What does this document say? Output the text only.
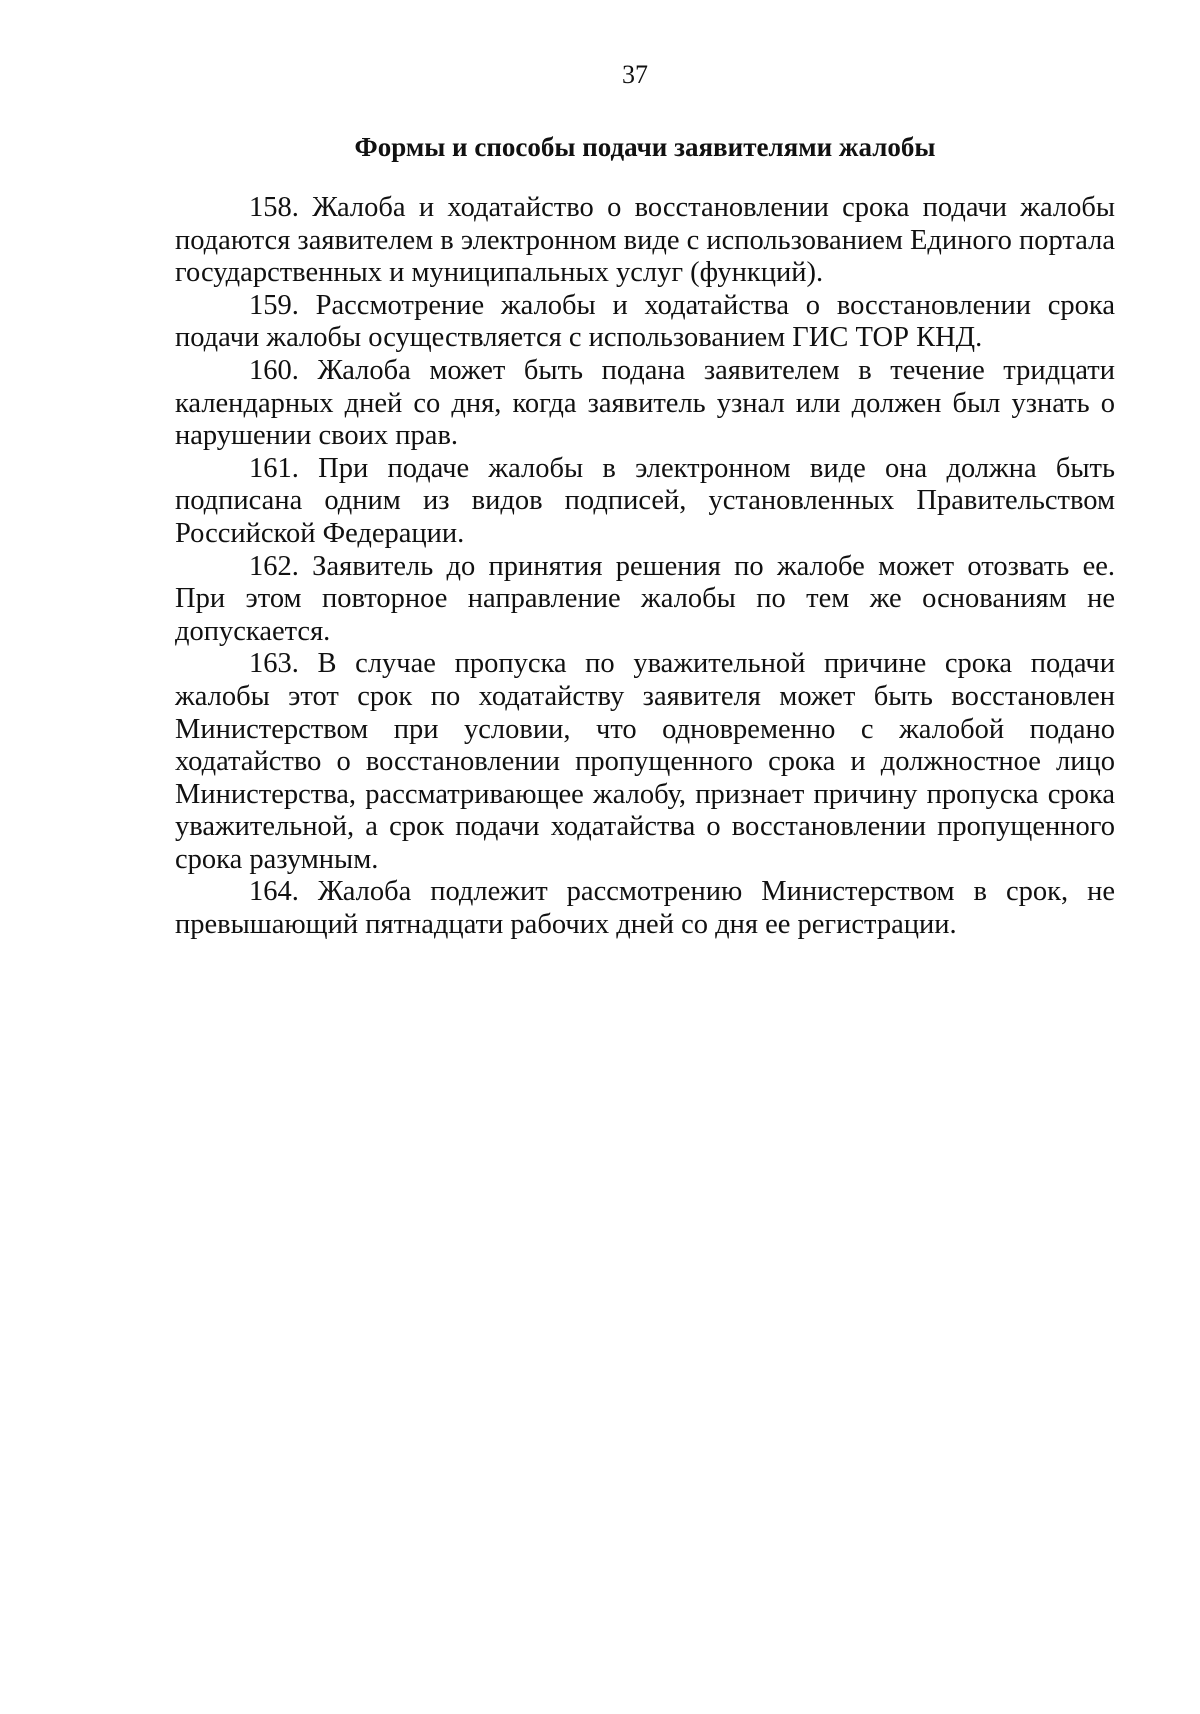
37
Формы и способы подачи заявителями жалобы

158. Жалоба и ходатайство о восстановлении срока подачи жалобы подаются заявителем в электронном виде с использованием Единого портала государственных и муниципальных услуг (функций).

159. Рассмотрение жалобы и ходатайства о восстановлении срока подачи жалобы осуществляется с использованием ГИС ТОР КНД.

160. Жалоба может быть подана заявителем в течение тридцати календарных дней со дня, когда заявитель узнал или должен был узнать о нарушении своих прав.

161. При подаче жалобы в электронном виде она должна быть подписана одним из видов подписей, установленных Правительством Российской Федерации.

162. Заявитель до принятия решения по жалобе может отозвать ее. При этом повторное направление жалобы по тем же основаниям не допускается.

163. В случае пропуска по уважительной причине срока подачи жалобы этот срок по ходатайству заявителя может быть восстановлен Министерством при условии, что одновременно с жалобой подано ходатайство о восстановлении пропущенного срока и должностное лицо Министерства, рассматривающее жалобу, признает причину пропуска срока уважительной, а срок подачи ходатайства о восстановлении пропущенного срока разумным.

164. Жалоба подлежит рассмотрению Министерством в срок, не превышающий пятнадцати рабочих дней со дня ее регистрации.
